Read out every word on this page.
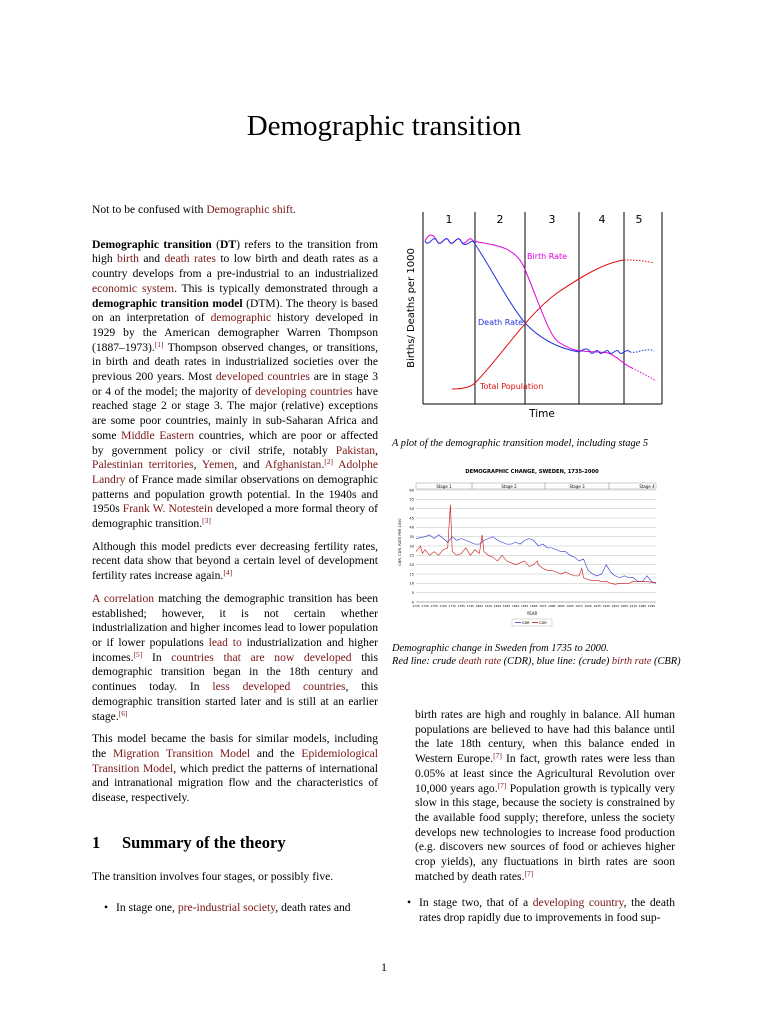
Demographic transition

Not to be confused with Demographic shift.

Demographic transition (DT) refers to the transition from high birth and death rates to low birth and death rates as a country develops from a pre-industrial to an industrialized economic system. This is typically demonstrated through a demographic transition model (DTM). The theory is based on an interpretation of demographic history developed in 1929 by the American demographer Warren Thompson (1887–1973).[1] Thompson observed changes, or transitions, in birth and death rates in industrialized societies over the previous 200 years. Most developed countries are in stage 3 or 4 of the model; the majority of developing countries have reached stage 2 or stage 3. The major (relative) exceptions are some poor countries, mainly in sub-Saharan Africa and some Middle Eastern countries, which are poor or affected by government policy or civil strife, notably Pakistan, Palestinian territories, Yemen, and Afghanistan.[2] Adolphe Landry of France made similar observations on demographic patterns and population growth potential. In the 1940s and 1950s Frank W. Notestein developed a more formal theory of demographic transition.[3]

Although this model predicts ever decreasing fertility rates, recent data show that beyond a certain level of development fertility rates increase again.[4]

A correlation matching the demographic transition has been established; however, it is not certain whether industrialization and higher incomes lead to lower population or if lower populations lead to industrialization and higher incomes.[5] In countries that are now developed this demographic transition began in the 18th century and continues today. In less developed countries, this demographic transition started later and is still at an earlier stage.[6]

This model became the basis for similar models, including the Migration Transition Model and the Epidemiological Transition Model, which predict the patterns of international and intranational migration flow and the characteristics of disease, respectively.

1 Summary of the theory

The transition involves four stages, or possibly five.

• In stage one, pre-industrial society, death rates and

1	2	3	4	5
Births/ Deaths per 1000
Time
Birth Rate
Death Rate
Total Population
A plot of the demographic transition model, including stage 5
DEMOGRAPHIC CHANGE, SWEDEN, 1735-2000
Stage 1	Stage 2	Stage 3	Stage 4
0
5
10
15
20
25
30
35
40
45
50
55
60
1735 1745 1755 1765 1775 1785 1795 1805 1815 1825 1835 1845 1855 1865 1875 1885 1895 1905 1915 1925 1935 1945 1955 1965 1975 1985 1995
CBR, CDR, RATE PER 1000
YEAR
CBR	CDR
Demographic change in Sweden from 1735 to 2000.
Red line: crude death rate (CDR), blue line: (crude) birth rate (CBR)

birth rates are high and roughly in balance. All human populations are believed to have had this balance until the late 18th century, when this balance ended in Western Europe.[7] In fact, growth rates were less than 0.05% at least since the Agricultural Revolution over 10,000 years ago.[7] Population growth is typically very slow in this stage, because the society is constrained by the available food supply; therefore, unless the society develops new technologies to increase food production (e.g. discovers new sources of food or achieves higher crop yields), any fluctuations in birth rates are soon matched by death rates.[7]

• In stage two, that of a developing country, the death rates drop rapidly due to improvements in food sup-

1
